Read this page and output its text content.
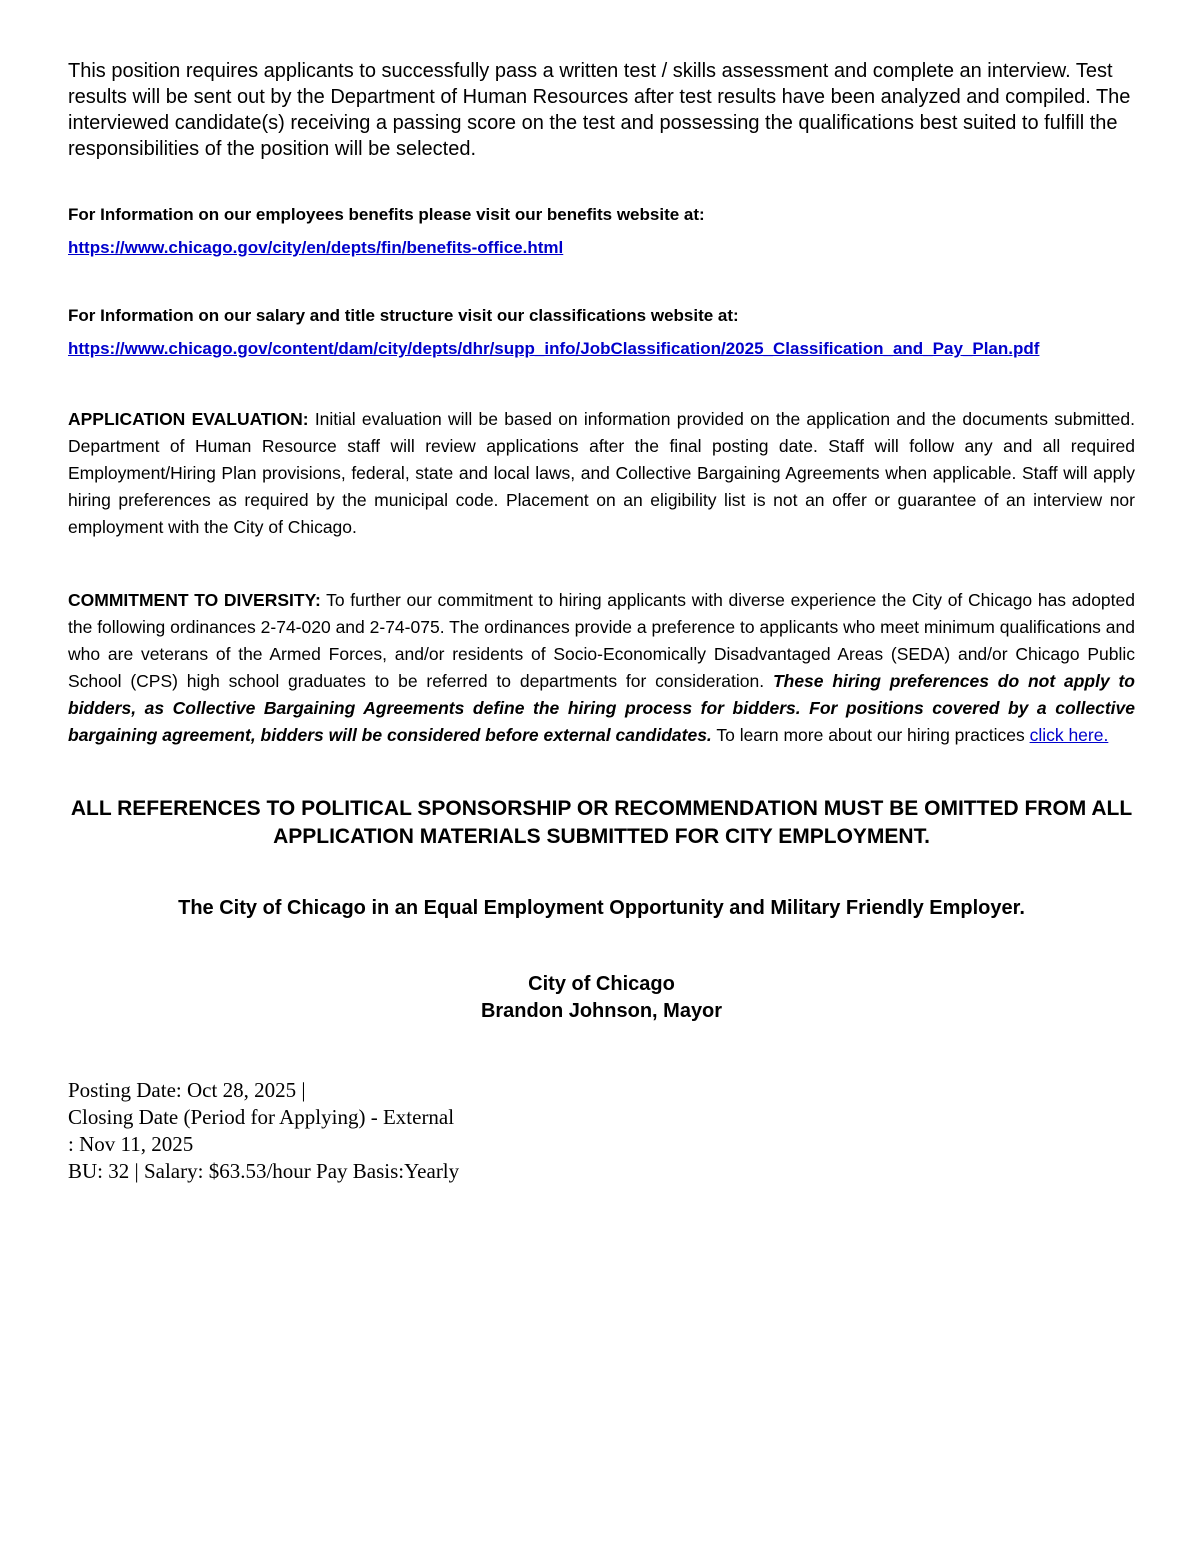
This position requires applicants to successfully pass a written test / skills assessment and complete an interview. Test results will be sent out by the Department of Human Resources after test results have been analyzed and compiled. The interviewed candidate(s) receiving a passing score on the test and possessing the qualifications best suited to fulfill the responsibilities of the position will be selected.

For Information on our employees benefits please visit our benefits website at:

https://www.chicago.gov/city/en/depts/fin/benefits-office.html

For Information on our salary and title structure visit our classifications website at:

https://www.chicago.gov/content/dam/city/depts/dhr/supp_info/JobClassification/2025_Classification_and_Pay_Plan.pdf

APPLICATION EVALUATION: Initial evaluation will be based on information provided on the application and the documents submitted. Department of Human Resource staff will review applications after the final posting date. Staff will follow any and all required Employment/Hiring Plan provisions, federal, state and local laws, and Collective Bargaining Agreements when applicable. Staff will apply hiring preferences as required by the municipal code. Placement on an eligibility list is not an offer or guarantee of an interview nor employment with the City of Chicago.

COMMITMENT TO DIVERSITY: To further our commitment to hiring applicants with diverse experience the City of Chicago has adopted the following ordinances 2-74-020 and 2-74-075. The ordinances provide a preference to applicants who meet minimum qualifications and who are veterans of the Armed Forces, and/or residents of Socio-Economically Disadvantaged Areas (SEDA) and/or Chicago Public School (CPS) high school graduates to be referred to departments for consideration. These hiring preferences do not apply to bidders, as Collective Bargaining Agreements define the hiring process for bidders. For positions covered by a collective bargaining agreement, bidders will be considered before external candidates. To learn more about our hiring practices click here.

ALL REFERENCES TO POLITICAL SPONSORSHIP OR RECOMMENDATION MUST BE OMITTED FROM ALL APPLICATION MATERIALS SUBMITTED FOR CITY EMPLOYMENT.

The City of Chicago in an Equal Employment Opportunity and Military Friendly Employer.

City of Chicago
Brandon Johnson, Mayor
Posting Date: Oct 28, 2025 |
Closing Date (Period for Applying) - External
: Nov 11, 2025
BU: 32 | Salary: $63.53/hour Pay Basis:Yearly
